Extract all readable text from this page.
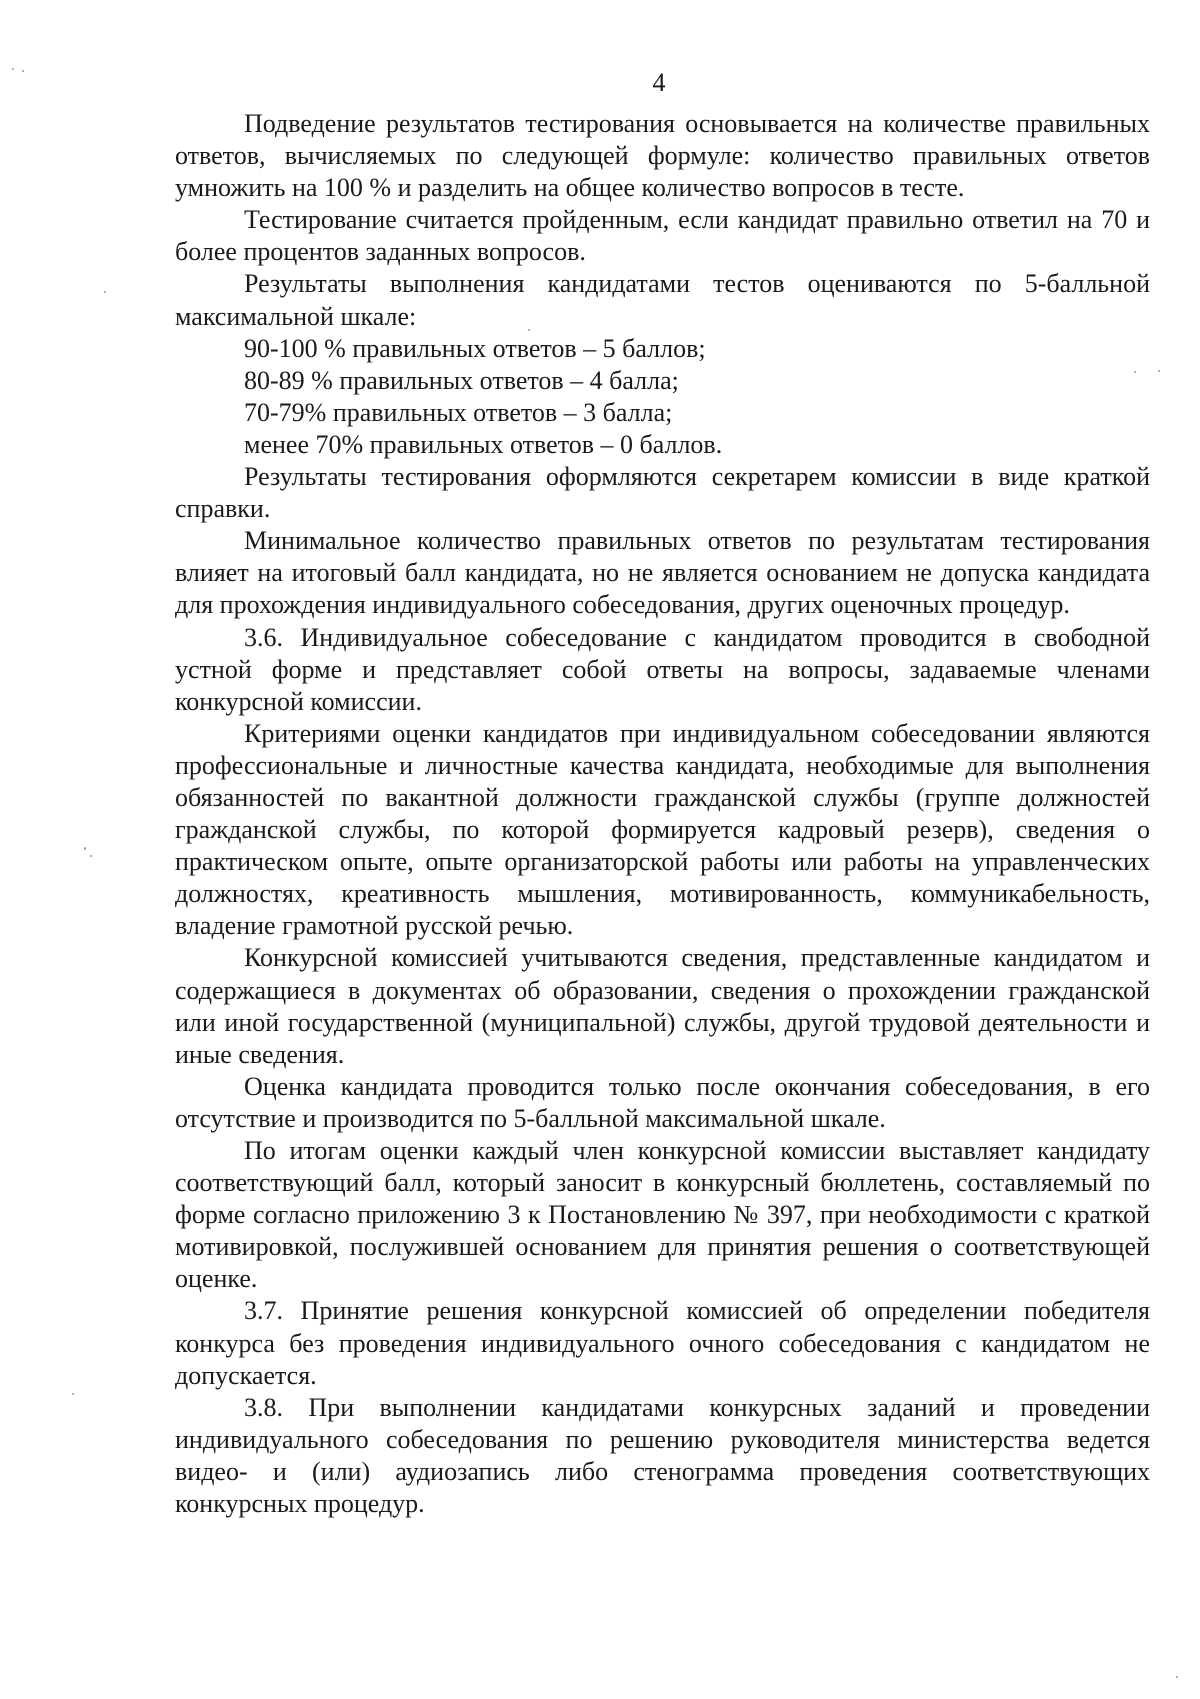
4

Подведение результатов тестирования основывается на количестве правильных ответов, вычисляемых по следующей формуле: количество правильных ответов умножить на 100 % и разделить на общее количество вопросов в тесте.

Тестирование считается пройденным, если кандидат правильно ответил на 70 и более процентов заданных вопросов.

Результаты выполнения кандидатами тестов оцениваются по 5-балльной максимальной шкале:

90-100 % правильных ответов – 5 баллов;
80-89 % правильных ответов – 4 балла;
70-79% правильных ответов – 3 балла;
менее 70% правильных ответов – 0 баллов.

Результаты тестирования оформляются секретарем комиссии в виде краткой справки.

Минимальное количество правильных ответов по результатам тестирования влияет на итоговый балл кандидата, но не является основанием не допуска кандидата для прохождения индивидуального собеседования, других оценочных процедур.

3.6. Индивидуальное собеседование с кандидатом проводится в свободной устной форме и представляет собой ответы на вопросы, задаваемые членами конкурсной комиссии.

Критериями оценки кандидатов при индивидуальном собеседовании являются профессиональные и личностные качества кандидата, необходимые для выполнения обязанностей по вакантной должности гражданской службы (группе должностей гражданской службы, по которой формируется кадровый резерв), сведения о практическом опыте, опыте организаторской работы или работы на управленческих должностях, креативность мышления, мотивированность, коммуникабельность, владение грамотной русской речью.

Конкурсной комиссией учитываются сведения, представленные кандидатом и содержащиеся в документах об образовании, сведения о прохождении гражданской или иной государственной (муниципальной) службы, другой трудовой деятельности и иные сведения.

Оценка кандидата проводится только после окончания собеседования, в его отсутствие и производится по 5-балльной максимальной шкале.

По итогам оценки каждый член конкурсной комиссии выставляет кандидату соответствующий балл, который заносит в конкурсный бюллетень, составляемый по форме согласно приложению 3 к Постановлению № 397, при необходимости с краткой мотивировкой, послужившей основанием для принятия решения о соответствующей оценке.

3.7. Принятие решения конкурсной комиссией об определении победителя конкурса без проведения индивидуального очного собеседования с кандидатом не допускается.

3.8. При выполнении кандидатами конкурсных заданий и проведении индивидуального собеседования по решению руководителя министерства ведется видео- и (или) аудиозапись либо стенограмма проведения соответствующих конкурсных процедур.
